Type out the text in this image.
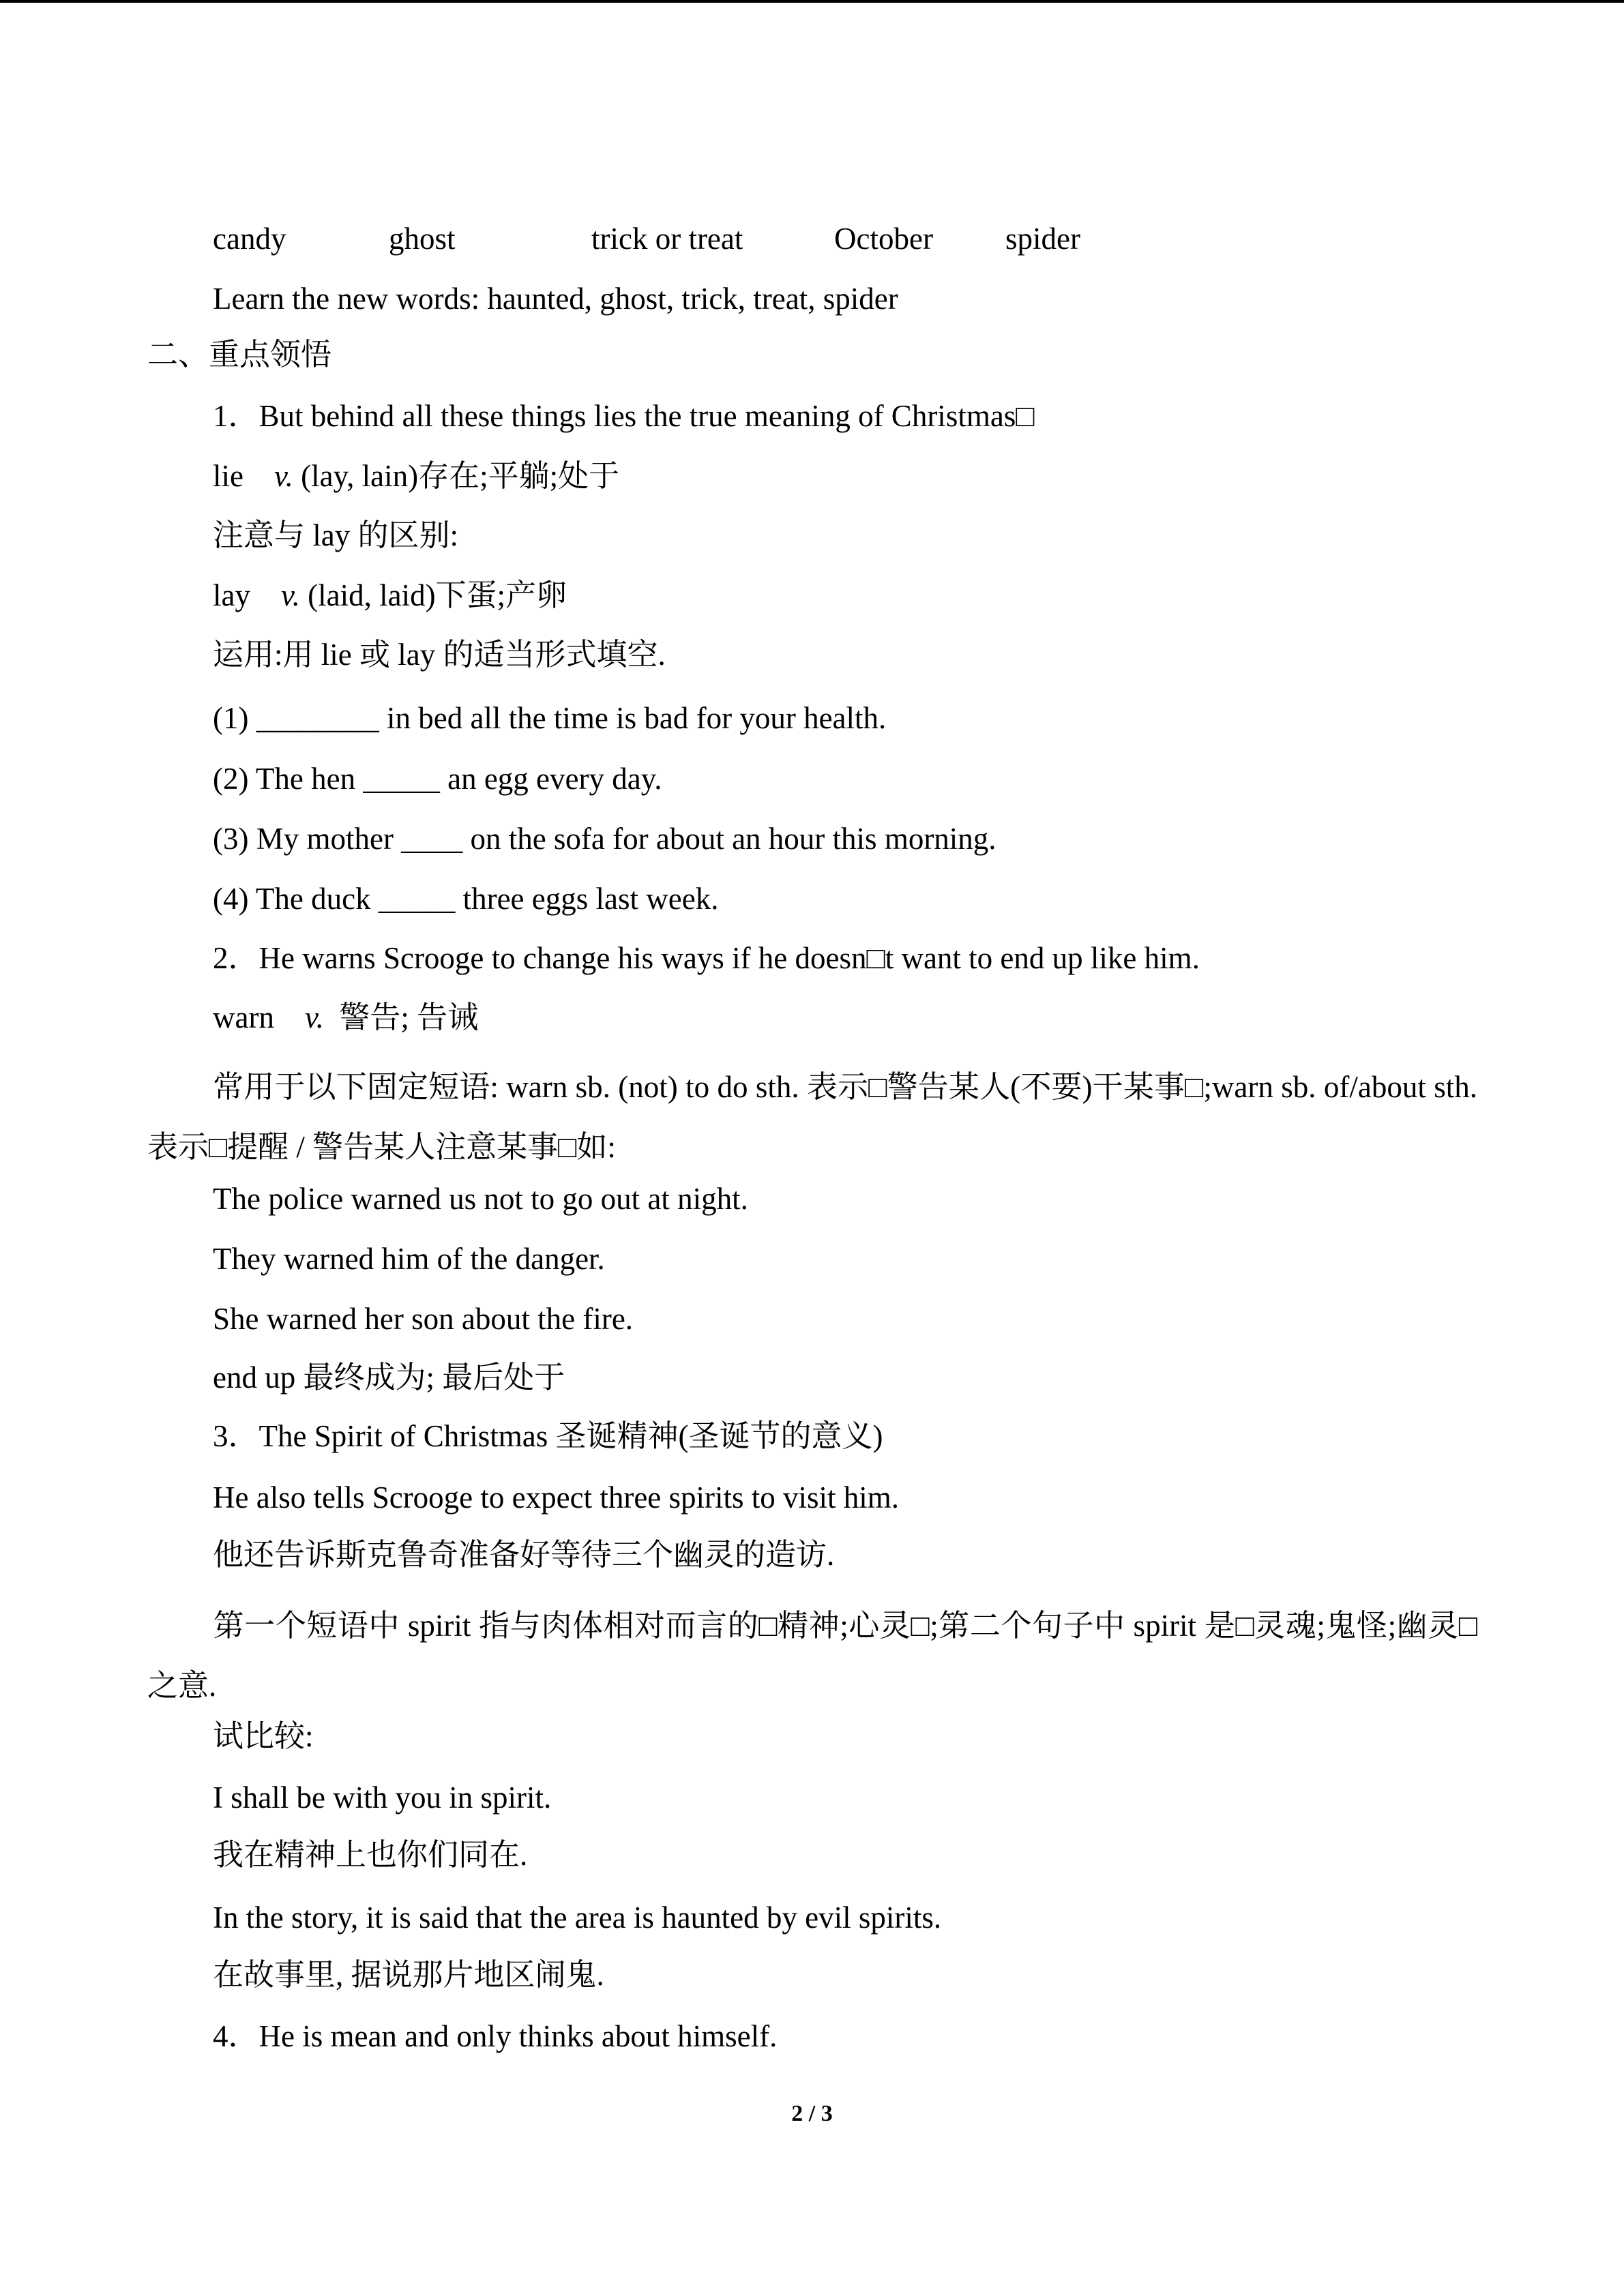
candy	ghost	trick or treat	October spider
Learn the new words: haunted, ghost, trick, treat, spider
二、重点领悟
1．But behind all these things lies the true meaning of Christmas□
lie v. (lay, lain)存在;平躺;处于
注意与 lay 的区别:
lay v. (laid, laid)下蛋;产卵
运用:用 lie 或 lay 的适当形式填空.
(1) ________ in bed all the time is bad for your health.
(2) The hen _____ an egg every day.
(3) My mother ____ on the sofa for about an hour this morning.
(4) The duck _____ three eggs last week.
2．He warns Scrooge to change his ways if he doesn□t want to end up like him.
warn v. 警告; 告诫
常用于以下固定短语: warn sb. (not) to do sth. 表示□警告某人(不要)干某事□;warn sb. of/about sth. 表示□提醒 / 警告某人注意某事□如:
The police warned us not to go out at night.
They warned him of the danger.
She warned her son about the fire.
end up 最终成为; 最后处于
3．The Spirit of Christmas 圣诞精神(圣诞节的意义)
He also tells Scrooge to expect three spirits to visit him.
他还告诉斯克鲁奇准备好等待三个幽灵的造访.
第一个短语中 spirit 指与肉体相对而言的□精神;心灵□;第二个句子中 spirit 是□灵魂;鬼怪;幽灵□之意.
试比较:
I shall be with you in spirit.
我在精神上也你们同在.
In the story, it is said that the area is haunted by evil spirits.
在故事里, 据说那片地区闹鬼.
4．He is mean and only thinks about himself.
2 / 3
